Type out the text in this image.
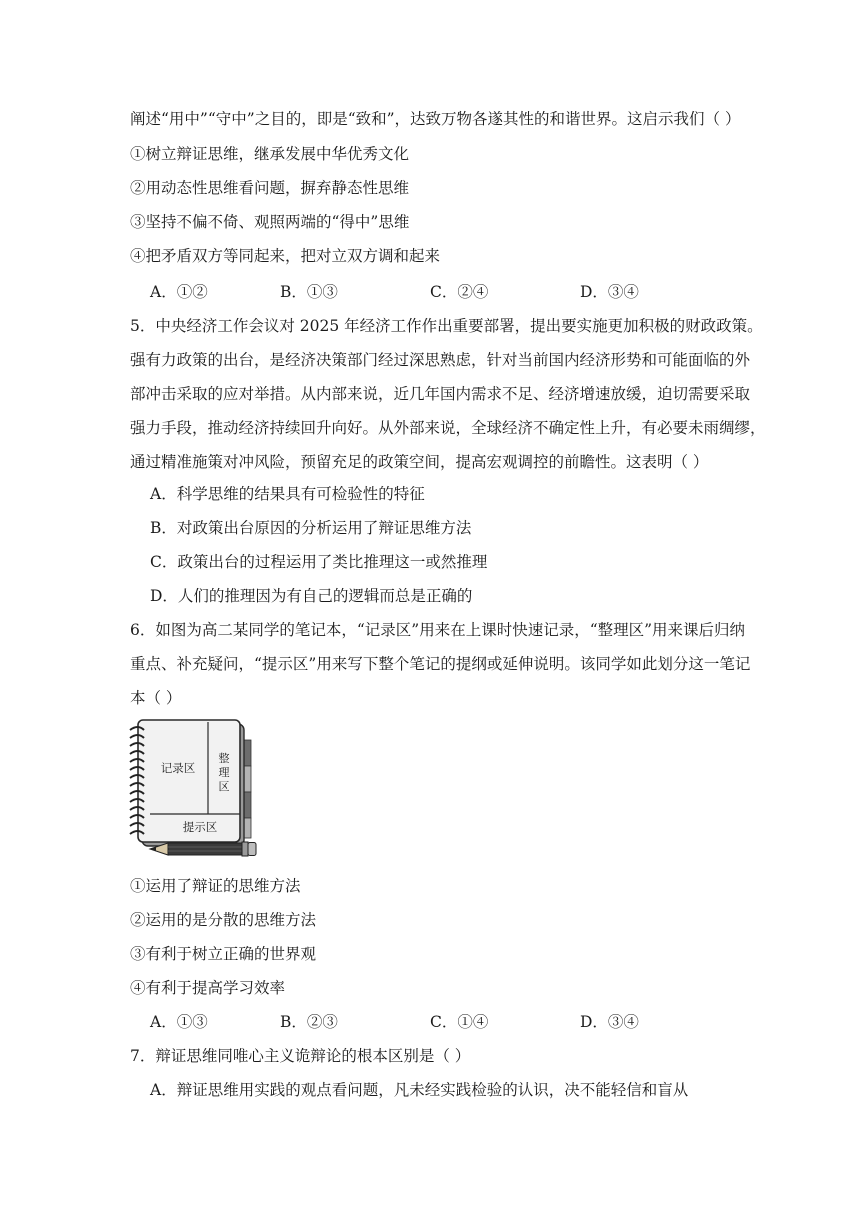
阐述“用中”“守中”之目的，即是“致和”，达致万物各遂其性的和谐世界。这启示我们（ ）
①树立辩证思维，继承发展中华优秀文化
②用动态性思维看问题，摒弃静态性思维
③坚持不偏不倚、观照两端的“得中”思维
④把矛盾双方等同起来，把对立双方调和起来
A．①②	B．①③	C．②④	D．③④
5．中央经济工作会议对 2025 年经济工作作出重要部署，提出要实施更加积极的财政政策。
强有力政策的出台，是经济决策部门经过深思熟虑，针对当前国内经济形势和可能面临的外
部冲击采取的应对举措。从内部来说，近几年国内需求不足、经济增速放缓，迫切需要采取
强力手段，推动经济持续回升向好。从外部来说，全球经济不确定性上升，有必要未雨绸缪，
通过精准施策对冲风险，预留充足的政策空间，提高宏观调控的前瞻性。这表明（ ）
A．科学思维的结果具有可检验性的特征
B．对政策出台原因的分析运用了辩证思维方法
C．政策出台的过程运用了类比推理这一或然推理
D．人们的推理因为有自己的逻辑而总是正确的
6．如图为高二某同学的笔记本，“记录区”用来在上课时快速记录，“整理区”用来课后归纳
重点、补充疑问，“提示区”用来写下整个笔记的提纲或延伸说明。该同学如此划分这一笔记
本（ ）
记录区
整
理
区
提示区
①运用了辩证的思维方法
②运用的是分散的思维方法
③有利于树立正确的世界观
④有利于提高学习效率
A．①③	B．②③	C．①④	D．③④
7．辩证思维同唯心主义诡辩论的根本区别是（ ）
A．辩证思维用实践的观点看问题，凡未经实践检验的认识，决不能轻信和盲从
